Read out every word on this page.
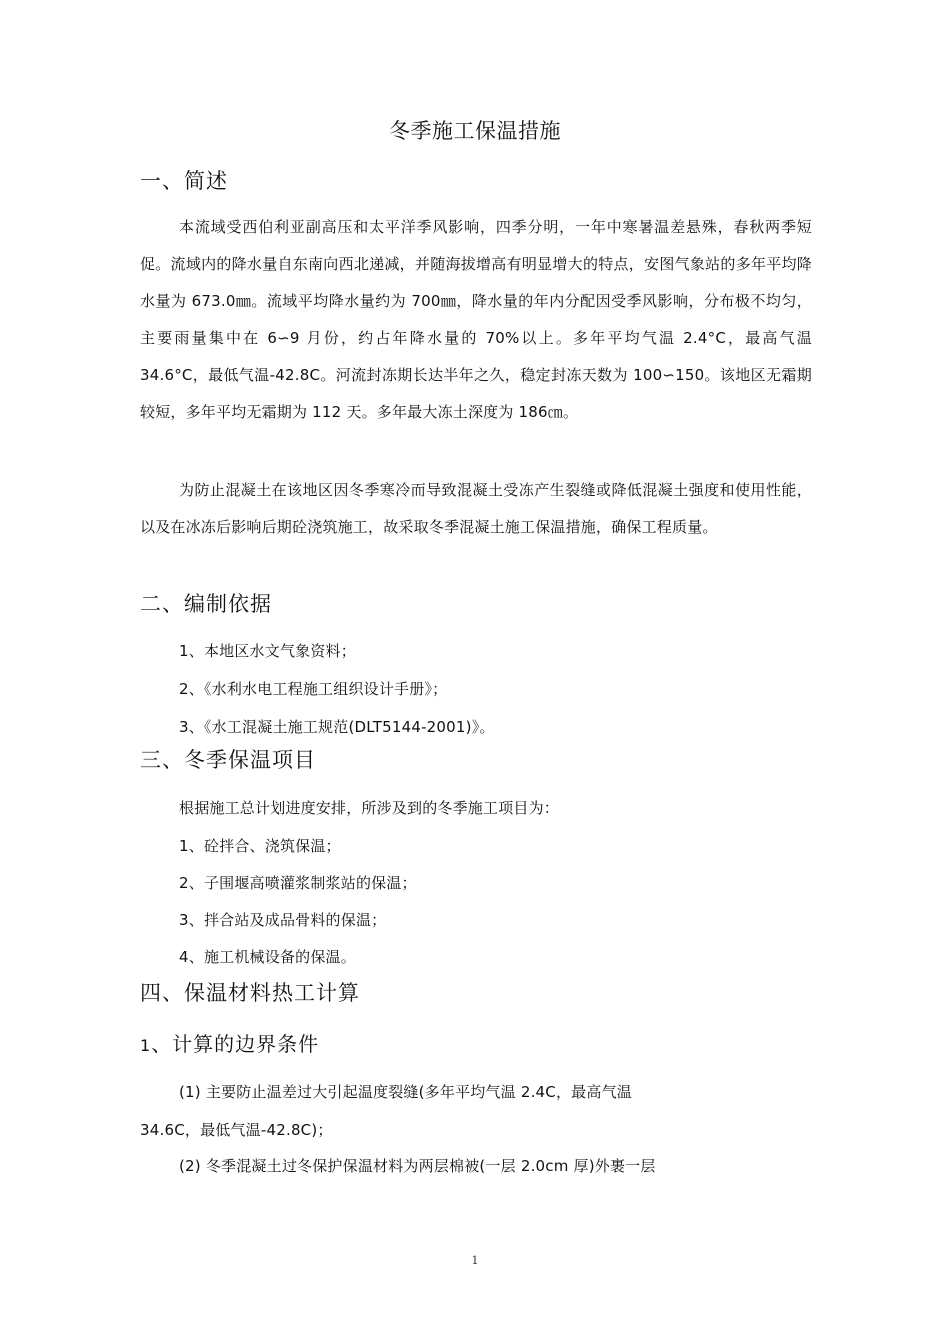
冬季施工保温措施
一、简述

本流域受西伯利亚副高压和太平洋季风影响，四季分明，一年中寒暑温差悬殊，春秋两季短促。流域内的降水量自东南向西北递减，并随海拔增高有明显增大的特点，安图气象站的多年平均降水量为 673.0㎜。流域平均降水量约为 700㎜，降水量的年内分配因受季风影响，分布极不均匀，主要雨量集中在 6∽9 月份，约占年降水量的 70%以上。多年平均气温 2.4°C，最高气温 34.6°C，最低气温-42.8C。河流封冻期长达半年之久，稳定封冻天数为 100∽150。该地区无霜期较短，多年平均无霜期为 112 天。多年最大冻土深度为 186㎝。

为防止混凝土在该地区因冬季寒冷而导致混凝土受冻产生裂缝或降低混凝土强度和使用性能，以及在冰冻后影响后期砼浇筑施工，故采取冬季混凝土施工保温措施，确保工程质量。

二、编制依据
1、本地区水文气象资料；
2、《水利水电工程施工组织设计手册》；
3、《水工混凝土施工规范(DLT5144-2001)》。
三、冬季保温项目
根据施工总计划进度安排，所涉及到的冬季施工项目为：
1、砼拌合、浇筑保温；
2、子围堰高喷灌浆制浆站的保温；
3、拌合站及成品骨料的保温；
4、施工机械设备的保温。
四、保温材料热工计算
1、计算的边界条件
(1) 主要防止温差过大引起温度裂缝(多年平均气温 2.4C，最高气温
34.6C，最低气温-42.8C)；
(2) 冬季混凝土过冬保护保温材料为两层棉被(一层 2.0cm 厚)外裹一层
1
